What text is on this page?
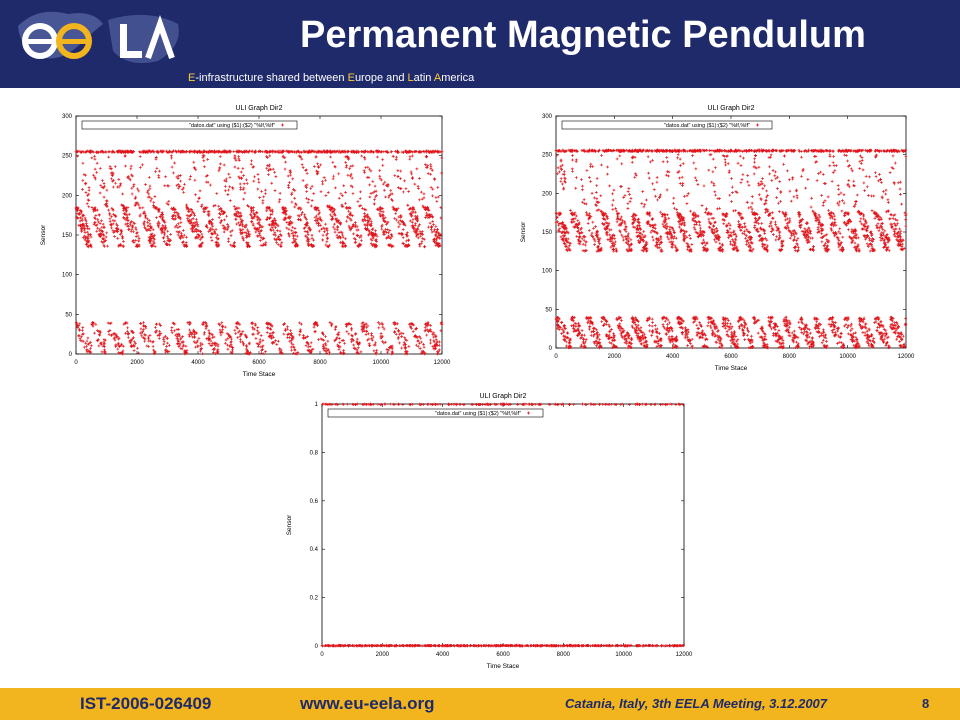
Permanent Magnetic Pendulum
E-infrastructure shared between Europe and Latin America
ULI Graph Dir2
0	2000	4000	6000	8000	10000	12000
0
50
100
150
200
250
300
Time Stace
Sensor
"datos.dat" using ($1):($2) "%lf,%lf"
ULI Graph Dir2
0	2000	4000	6000	8000	10000	12000
0
50
100
150
200
250
300
Time Stace
Sensor
"datos.dat" using ($1):($2) "%lf,%lf"
ULI Graph Dir2
0	2000	4000	6000	8000	10000	12000
0
0.2
0.4
0.6
0.8
1
Time Stace
Sensor
"datos.dat" using ($1):($2) "%lf,%lf"
IST-2006-026409	www.eu-eela.org	Catania, Italy, 3th EELA Meeting, 3.12.2007	8
